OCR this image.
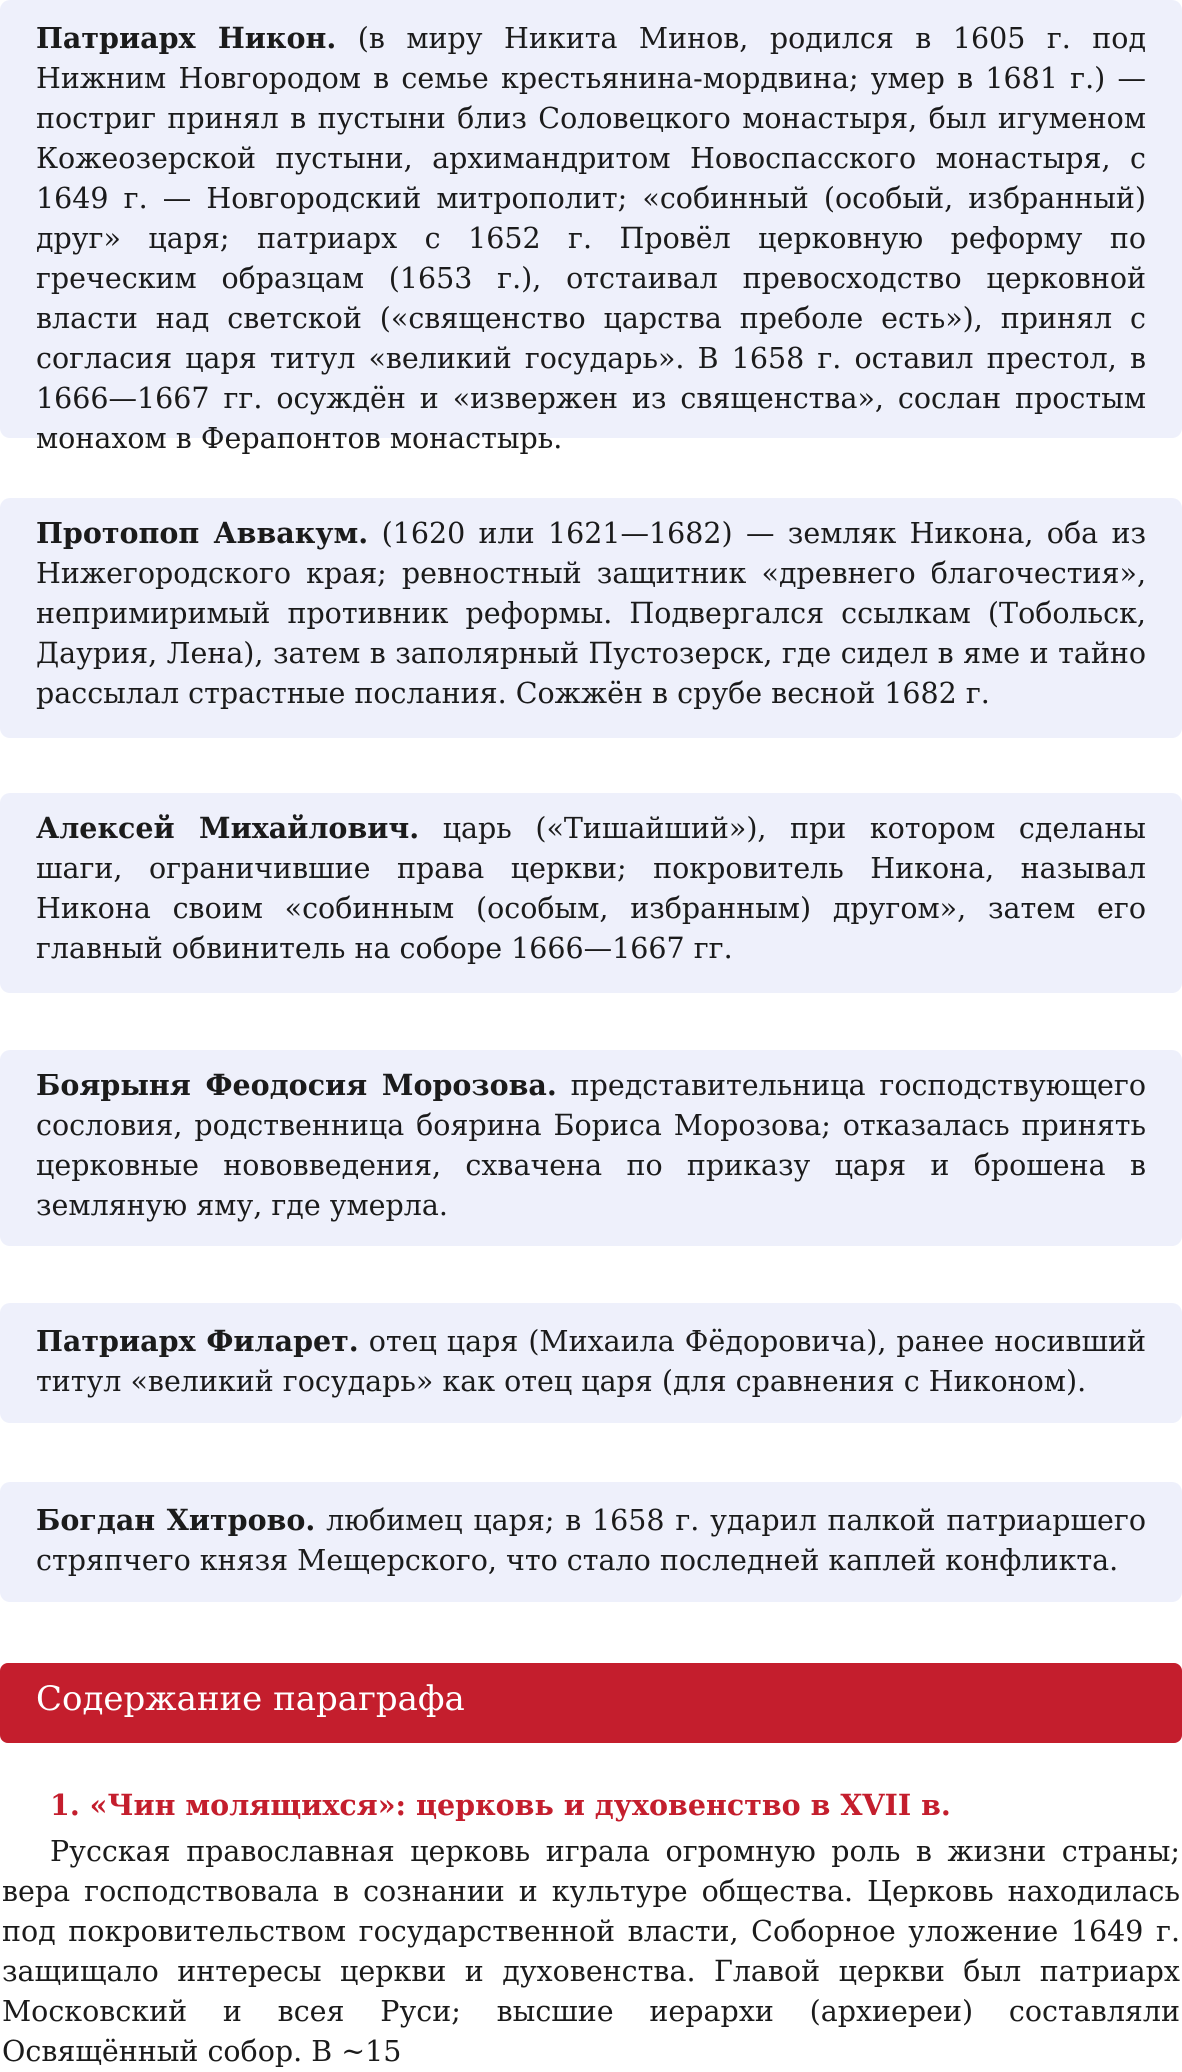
Патриарх Никон. (в миру Никита Минов, родился в 1605 г. под Нижним Новгородом в семье крестьянина-мордвина; умер в 1681 г.) — постриг принял в пустыни близ Соловецкого монастыря, был игуменом Кожеозерской пустыни, архимандритом Новоспасского монастыря, с 1649 г. — Новгородский митрополит; «собинный (особый, избранный) друг» царя; патриарх с 1652 г. Провёл церковную реформу по греческим образцам (1653 г.), отстаивал превосходство церковной власти над светской («священство царства преболе есть»), принял с согласия царя титул «великий государь». В 1658 г. оставил престол, в 1666—1667 гг. осуждён и «извержен из священства», сослан простым монахом в Ферапонтов монастырь.

Протопоп Аввакум. (1620 или 1621—1682) — земляк Никона, оба из Нижегородского края; ревностный защитник «древнего благочестия», непримиримый противник реформы. Подвергался ссылкам (Тобольск, Даурия, Лена), затем в заполярный Пустозерск, где сидел в яме и тайно рассылал страстные послания. Сожжён в срубе весной 1682 г.

Алексей Михайлович. царь («Тишайший»), при котором сделаны шаги, ограничившие права церкви; покровитель Никона, называл Никона своим «собинным (особым, избранным) другом», затем его главный обвинитель на соборе 1666—1667 гг.

Боярыня Феодосия Морозова. представительница господствующего сословия, родственница боярина Бориса Морозова; отказалась принять церковные нововведения, схвачена по приказу царя и брошена в земляную яму, где умерла.

Патриарх Филарет. отец царя (Михаила Фёдоровича), ранее носивший титул «великий государь» как отец царя (для сравнения с Никоном).

Богдан Хитрово. любимец царя; в 1658 г. ударил палкой патриаршего стряпчего князя Мещерского, что стало последней каплей конфликта.

Содержание параграфа
1. «Чин молящихся»: церковь и духовенство в XVII в.

Русская православная церковь играла огромную роль в жизни страны; вера господствовала в сознании и культуре общества. Церковь находилась под покровительством государственной власти, Соборное уложение 1649 г. защищало интересы церкви и духовенства. Главой церкви был патриарх Московский и всея Руси; высшие иерархи (архиереи) составляли Освящённый собор. В ~15
